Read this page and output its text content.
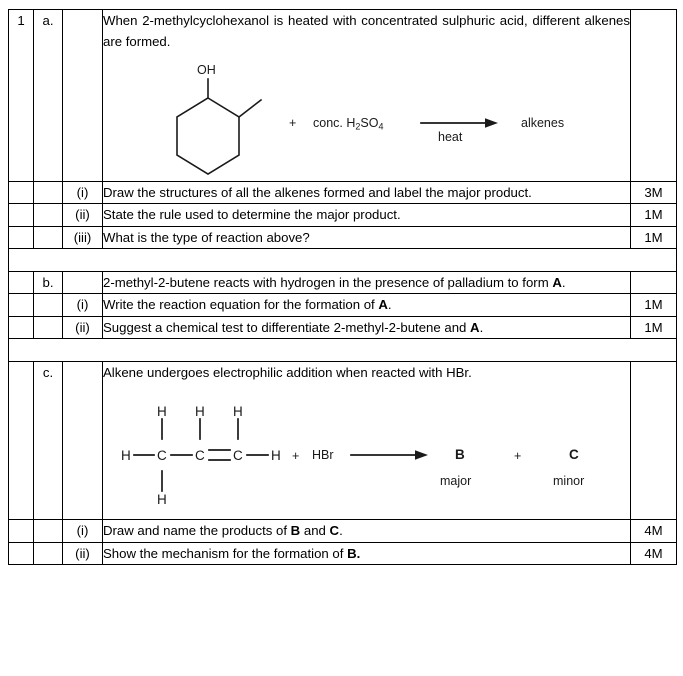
1	a.		When 2-methylcyclohexanol is heated with concentrated sulphuric acid, different alkenes are formed.
OH
+ conc. $H_2SO_4$
heat
alkenes

		(i)	Draw the structures of all the alkenes formed and label the major product.	3M
		(ii)	State the rule used to determine the major product.	1M
		(iii)	What is the type of reaction above?	1M

	b.		2-methyl-2-butene reacts with hydrogen in the presence of palladium to form A.	
		(i)	Write the reaction equation for the formation of A.	1M
		(ii)	Suggest a chemical test to differentiate 2-methyl-2-butene and A.	1M

	c.		Alkene undergoes electrophilic addition when reacted with HBr.
H C C C H
H H H
H
+ HBr	B
major
+	C
minor

		(i)	Draw and name the products of B and C.	4M
		(ii)	Show the mechanism for the formation of B.	4M
